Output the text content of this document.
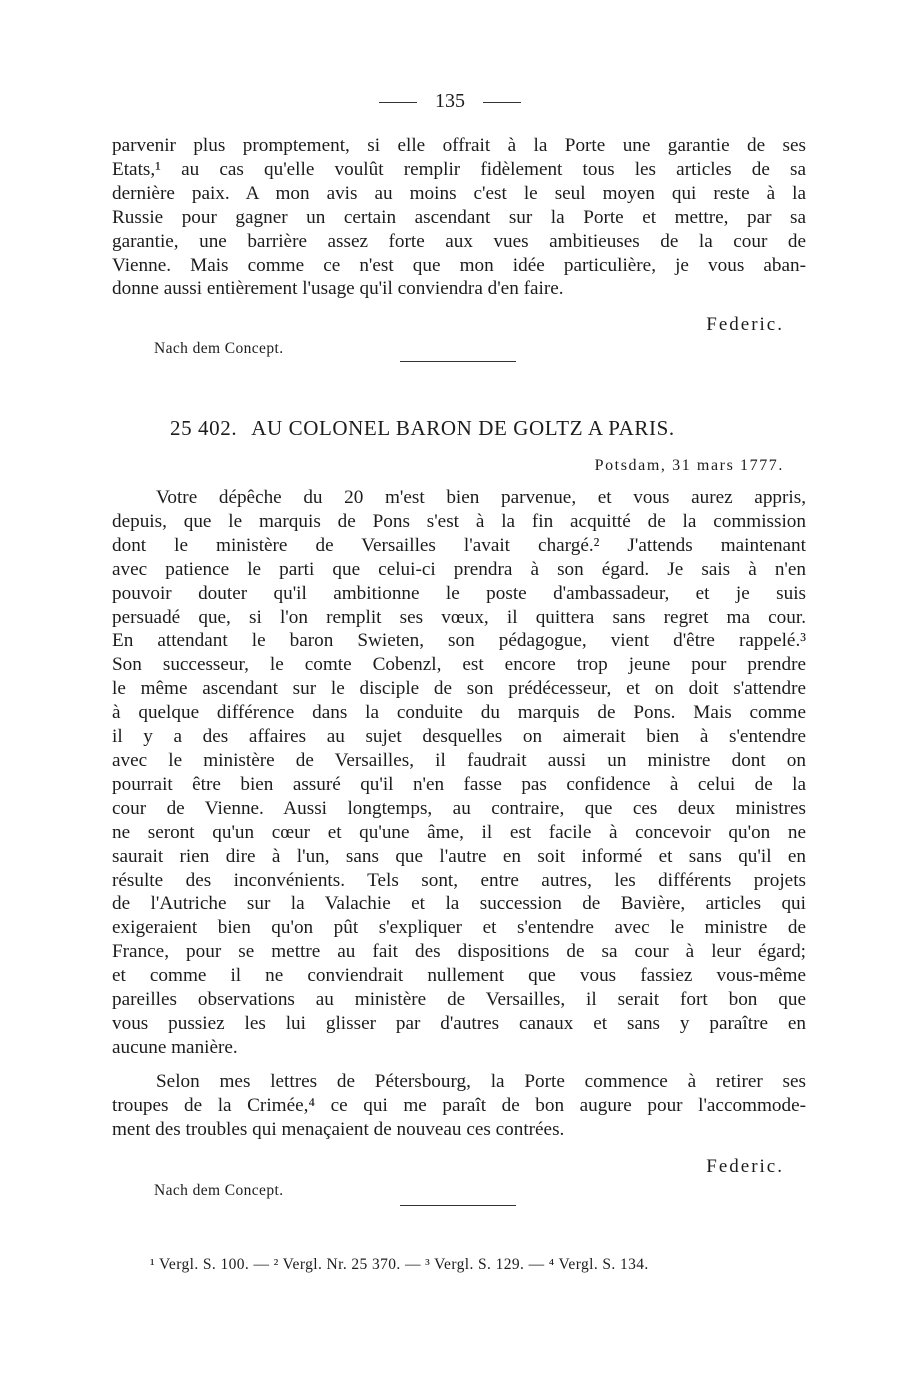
135
parvenir plus promptement, si elle offrait à la Porte une garantie de ses
Etats,¹ au cas qu'elle voulût remplir fidèlement tous les articles de sa
dernière paix. A mon avis au moins c'est le seul moyen qui reste à la
Russie pour gagner un certain ascendant sur la Porte et mettre, par sa
garantie, une barrière assez forte aux vues ambitieuses de la cour de
Vienne. Mais comme ce n'est que mon idée particulière, je vous aban-
donne aussi entièrement l'usage qu'il conviendra d'en faire.
Federic.
Nach dem Concept.
25 402. AU COLONEL BARON DE GOLTZ A PARIS.
Potsdam, 31 mars 1777.
Votre dépêche du 20 m'est bien parvenue, et vous aurez appris,
depuis, que le marquis de Pons s'est à la fin acquitté de la commission
dont le ministère de Versailles l'avait chargé.² J'attends maintenant
avec patience le parti que celui-ci prendra à son égard. Je sais à n'en
pouvoir douter qu'il ambitionne le poste d'ambassadeur, et je suis
persuadé que, si l'on remplit ses vœux, il quittera sans regret ma cour.
En attendant le baron Swieten, son pédagogue, vient d'être rappelé.³
Son successeur, le comte Cobenzl, est encore trop jeune pour prendre
le même ascendant sur le disciple de son prédécesseur, et on doit s'attendre
à quelque différence dans la conduite du marquis de Pons. Mais comme
il y a des affaires au sujet desquelles on aimerait bien à s'entendre
avec le ministère de Versailles, il faudrait aussi un ministre dont on
pourrait être bien assuré qu'il n'en fasse pas confidence à celui de la
cour de Vienne. Aussi longtemps, au contraire, que ces deux ministres
ne seront qu'un cœur et qu'une âme, il est facile à concevoir qu'on ne
saurait rien dire à l'un, sans que l'autre en soit informé et sans qu'il en
résulte des inconvénients. Tels sont, entre autres, les différents projets
de l'Autriche sur la Valachie et la succession de Bavière, articles qui
exigeraient bien qu'on pût s'expliquer et s'entendre avec le ministre de
France, pour se mettre au fait des dispositions de sa cour à leur égard;
et comme il ne conviendrait nullement que vous fassiez vous-même
pareilles observations au ministère de Versailles, il serait fort bon que
vous pussiez les lui glisser par d'autres canaux et sans y paraître en
aucune manière.
Selon mes lettres de Pétersbourg, la Porte commence à retirer ses
troupes de la Crimée,⁴ ce qui me paraît de bon augure pour l'accommode-
ment des troubles qui menaçaient de nouveau ces contrées.
Federic.
Nach dem Concept.
¹ Vergl. S. 100. — ² Vergl. Nr. 25 370. — ³ Vergl. S. 129. — ⁴ Vergl. S. 134.
